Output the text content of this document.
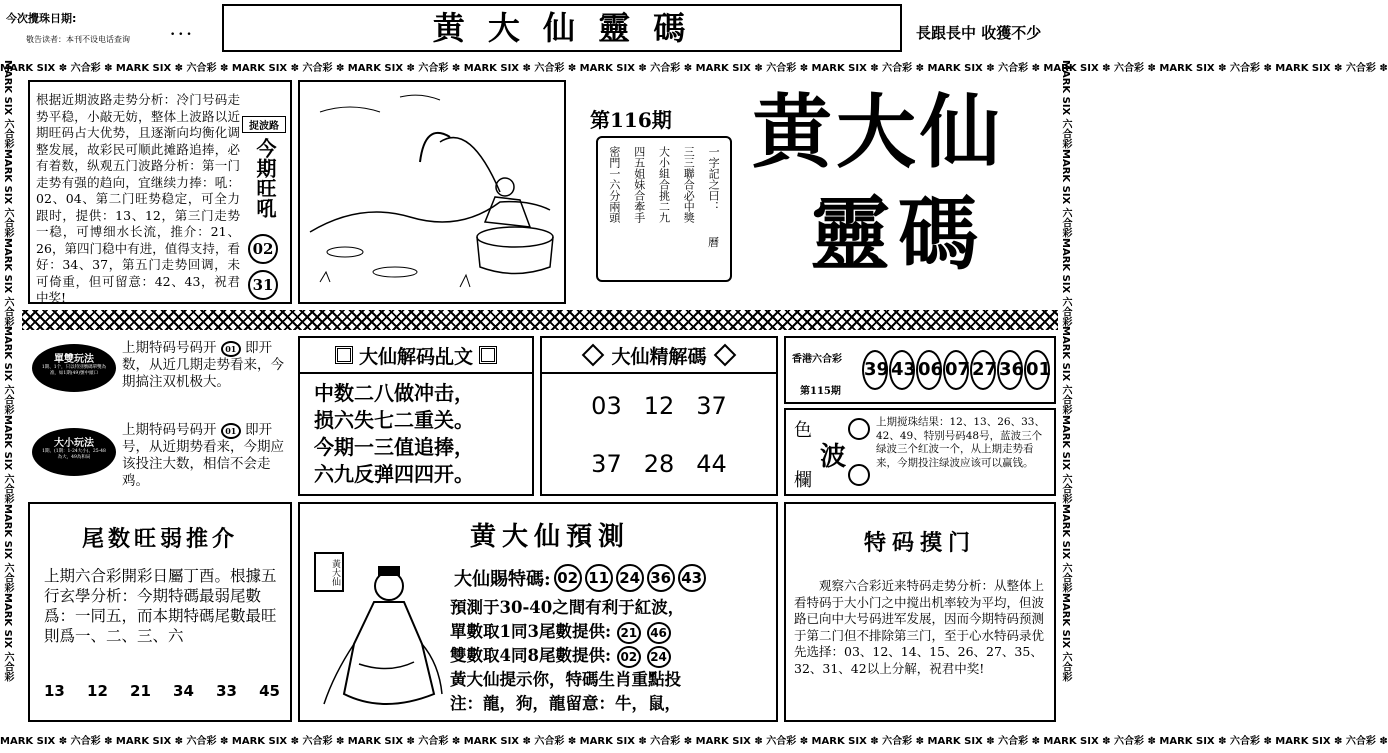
今次攪珠日期:
敬告读者：本刊不设电话查询	• • •	黄 大 仙 靈 碼	長跟長中 收獲不少
MARK SIX ✽ 六合彩 ✽ MARK SIX ✽ 六合彩 ✽ MARK SIX ✽ 六合彩 ✽ MARK SIX ✽ 六合彩 ✽ MARK SIX ✽ 六合彩 ✽ MARK SIX ✽ 六合彩 ✽ MARK SIX ✽ 六合彩 ✽ MARK SIX ✽ 六合彩 ✽ MARK SIX ✽ 六合彩 ✽ MARK SIX ✽ 六合彩 ✽ MARK SIX ✽ 六合彩 ✽ MARK SIX ✽ 六合彩 ✽
MARK SIX ✽ 六合彩 ✽ MARK SIX ✽ 六合彩 ✽ MARK SIX ✽ 六合彩 ✽ MARK SIX ✽ 六合彩 ✽ MARK SIX ✽ 六合彩 ✽ MARK SIX ✽ 六合彩 ✽ MARK SIX ✽ 六合彩 ✽ MARK SIX ✽ 六合彩 ✽ MARK SIX ✽ 六合彩 ✽ MARK SIX ✽ 六合彩 ✽ MARK SIX ✽ 六合彩 ✽ MARK SIX ✽ 六合彩 ✽
MARK SIX 六合彩
MARK SIX 六合彩
MARK SIX 六合彩
MARK SIX 六合彩
MARK SIX 六合彩
MARK SIX 六合彩
MARK SIX 六合彩
MARK SIX 六合彩
MARK SIX 六合彩
MARK SIX 六合彩
MARK SIX 六合彩
MARK SIX 六合彩
MARK SIX 六合彩
MARK SIX 六合彩
根据近期波路走势分析：冷门号码走势平稳，小敲无妨，整体上波路以近期旺码占大优势，且逐渐向均衡化调整发展，故彩民可顺此摊路追捧，必有着数，纵观五门波路分析：第一门走势有强的趋向，宜继续力捧：吼：02、04、第二门旺势稳定，可全力跟时，提供：13、12，第三门走势一稳，可博细水长流，推介：21、26，第四门稳中有进，值得支持，看好：34、37，第五门走势回调，未可倚重，但可留意：42、43，祝君中奖!
捉波路
今期旺吼
02
31
第116期
一字記之曰：
三三聯合必中獎
大小組合挑二九
四五姐妹合牽手
密門一六分兩頭
曆
黄大仙
靈碼
單雙玩法
1期、1个，只以特別號碼單雙為准，如1期(49)號中頭口
上期特码号码开 01 即开 数，从近几期走势看来，今期搞注双机极大。
大小玩法
1期、(1期：1-24大小)、25-48為大，49為和局
上期特码号码开 01 即开 号，从近期势看来，今期应该投注大数，相信不会走鸡。
大仙解码乩文
中数二八做冲击，
损六失七二重关。
今期一三值追捧，
六九反弹四四开。
大仙精解碼
03 12 37
37 28 44
香港六合彩
第115期
39 43 06 07 27 36 01
色
波
欄
上期搅珠结果：12、13、26、33、42、49、特别号码48号，蓝波三个绿波三个红波一个，从上期走势看来，今期投注绿波应该可以赢钱。
尾数旺弱推介
上期六合彩開彩日屬丁酉。根據五行玄學分析：今期特碼最弱尾數爲：一同五，而本期特碼尾數最旺則爲一、二、三、六
13 12 21 34 33 45
黄大仙預測
黃大仙	大仙賜特碼: 02 11 24 36 43
預測于30-40之間有利于紅波，
單數取1同3尾數提供: 21 46
雙數取4同8尾數提供: 02 24
黃大仙提示你，特碼生肖重點投
注：龍，狗，龍留意：牛，鼠，
特码摸门
观察六合彩近来特码走势分析：从整体上看特码于大小门之中搅出机率较为平均，但波路已向中大号码进军发展，因而今期特码预测于第二门但不排除第三门，至于心水特码录优先选择：03、12、14、15、26、27、35、32、31、42以上分解，祝君中奖!
